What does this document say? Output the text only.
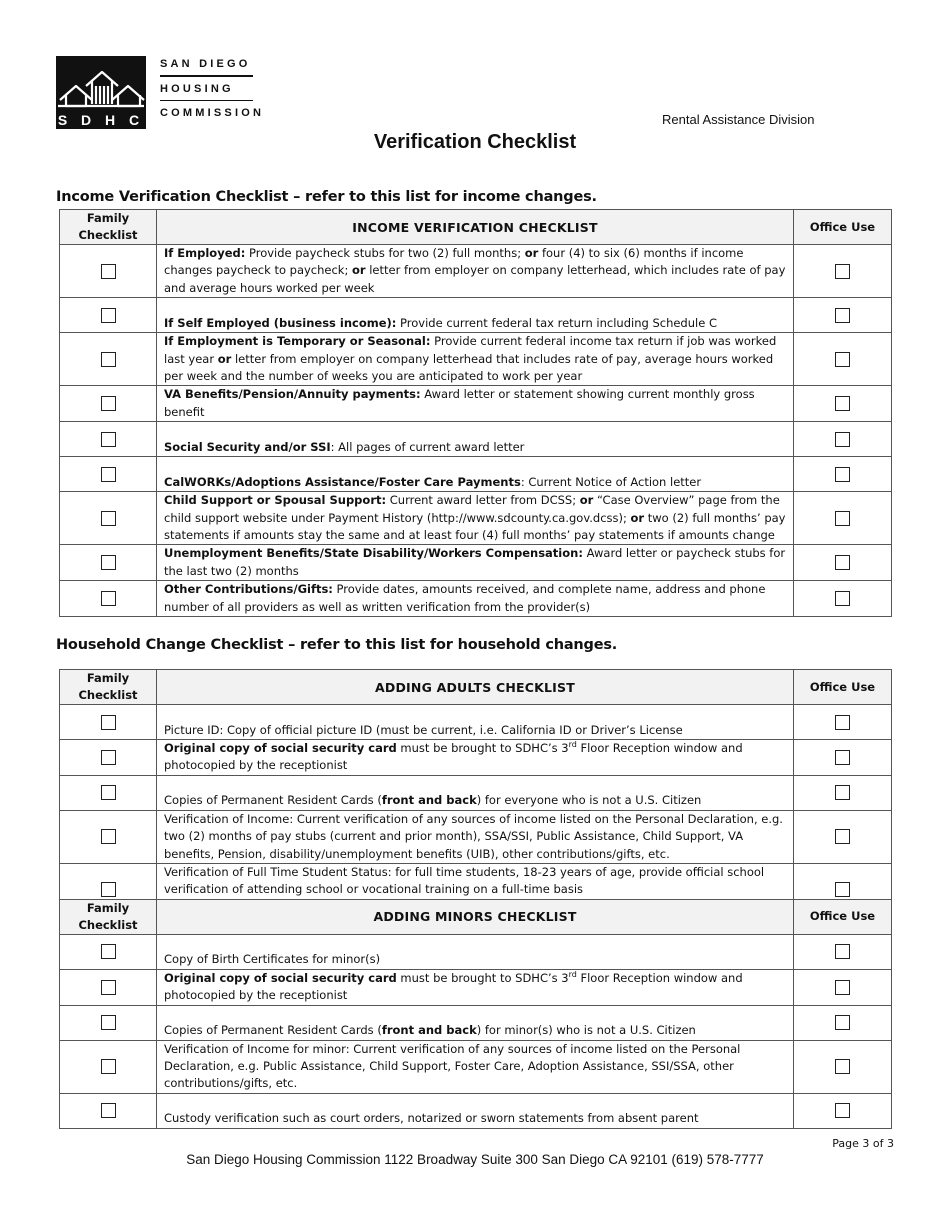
S D H C
SAN DIEGO
HOUSING
COMMISSION	Rental Assistance Division
Verification Checklist
Income Verification Checklist – refer to this list for income changes.
Family Checklist	INCOME VERIFICATION CHECKLIST	Office Use
	If Employed: Provide paycheck stubs for two (2) full months; or four (4) to six (6) months if income changes paycheck to paycheck; or letter from employer on company letterhead, which includes rate of pay and average hours worked per week	
	If Self Employed (business income): Provide current federal tax return including Schedule C	
	If Employment is Temporary or Seasonal: Provide current federal income tax return if job was worked last year or letter from employer on company letterhead that includes rate of pay, average hours worked per week and the number of weeks you are anticipated to work per year	
	VA Benefits/Pension/Annuity payments: Award letter or statement showing current monthly gross benefit	
	Social Security and/or SSI: All pages of current award letter	
	CalWORKs/Adoptions Assistance/Foster Care Payments: Current Notice of Action letter	
	Child Support or Spousal Support: Current award letter from DCSS; or “Case Overview” page from the child support website under Payment History (http://www.sdcounty.ca.gov.dcss); or two (2) full months’ pay statements if amounts stay the same and at least four (4) full months’ pay statements if amounts change	
	Unemployment Benefits/State Disability/Workers Compensation: Award letter or paycheck stubs for the last two (2) months	
	Other Contributions/Gifts: Provide dates, amounts received, and complete name, address and phone number of all providers as well as written verification from the provider(s)	
Household Change Checklist – refer to this list for household changes.
Family Checklist	ADDING ADULTS CHECKLIST	Office Use
	Picture ID: Copy of official picture ID (must be current, i.e. California ID or Driver’s License	
	Original copy of social security card must be brought to SDHC’s 3rd Floor Reception window and photocopied by the receptionist	
	Copies of Permanent Resident Cards (front and back) for everyone who is not a U.S. Citizen	
	Verification of Income: Current verification of any sources of income listed on the Personal Declaration, e.g. two (2) months of pay stubs (current and prior month), SSA/SSI, Public Assistance, Child Support, VA benefits, Pension, disability/unemployment benefits (UIB), other contributions/gifts, etc.	
	Verification of Full Time Student Status: for full time students, 18-23 years of age, provide official school verification of attending school or vocational training on a full-time basis	
Family Checklist	ADDING MINORS CHECKLIST	Office Use
	Copy of Birth Certificates for minor(s)	
	Original copy of social security card must be brought to SDHC’s 3rd Floor Reception window and photocopied by the receptionist	
	Copies of Permanent Resident Cards (front and back) for minor(s) who is not a U.S. Citizen	
	Verification of Income for minor: Current verification of any sources of income listed on the Personal Declaration, e.g. Public Assistance, Child Support, Foster Care, Adoption Assistance, SSI/SSA, other contributions/gifts, etc.	
	Custody verification such as court orders, notarized or sworn statements from absent parent	
Page 3 of 3
San Diego Housing Commission 1122 Broadway Suite 300 San Diego CA 92101 (619) 578-7777
